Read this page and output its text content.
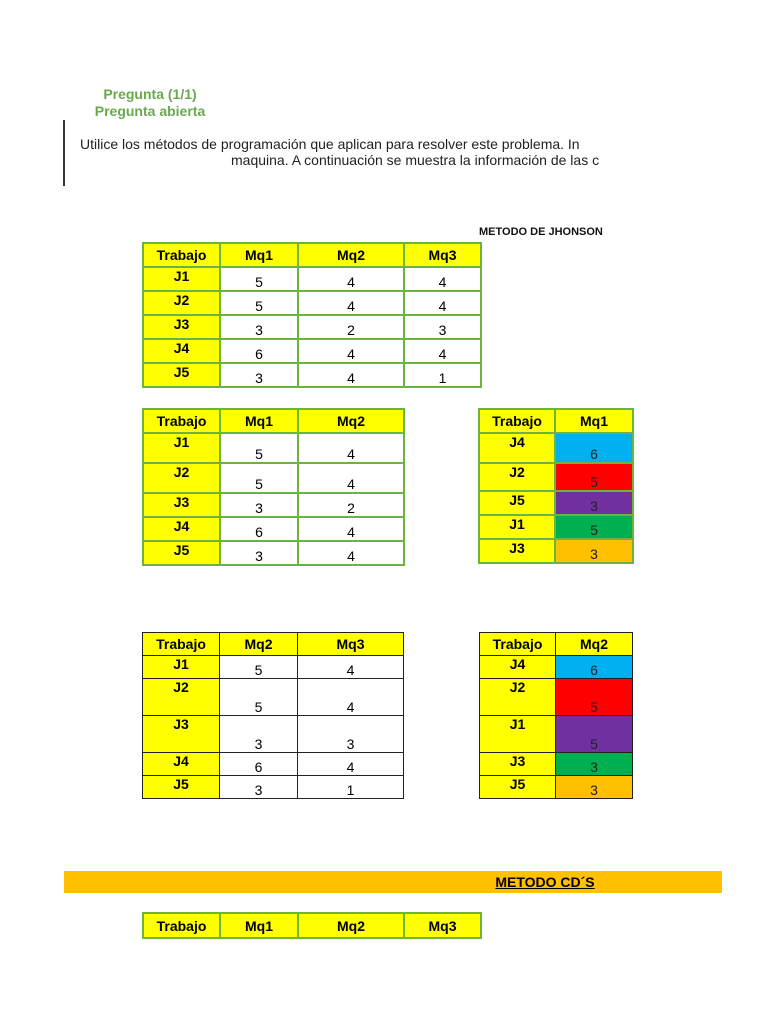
Pregunta (1/1)
Pregunta abierta
Utilice los métodos de programación que aplican para resolver este problema. In
maquina. A continuación se muestra la información de las c
METODO DE JHONSON
Trabajo	Mq1	Mq2	Mq3
J1	5	4	4
J2	5	4	4
J3	3	2	3
J4	6	4	4
J5	3	4	1
Trabajo	Mq1	Mq2
J1	5	4
J2	5	4
J3	3	2
J4	6	4
J5	3	4
Trabajo	Mq1
J4	6
J2	5
J5	3
J1	5
J3	3
Trabajo	Mq2	Mq3
J1	5	4
J2	5	4
J3	3	3
J4	6	4
J5	3	1
Trabajo	Mq2
J4	6
J2	5
J1	5
J3	3
J5	3
METODO CD´S
Trabajo	Mq1	Mq2	Mq3
